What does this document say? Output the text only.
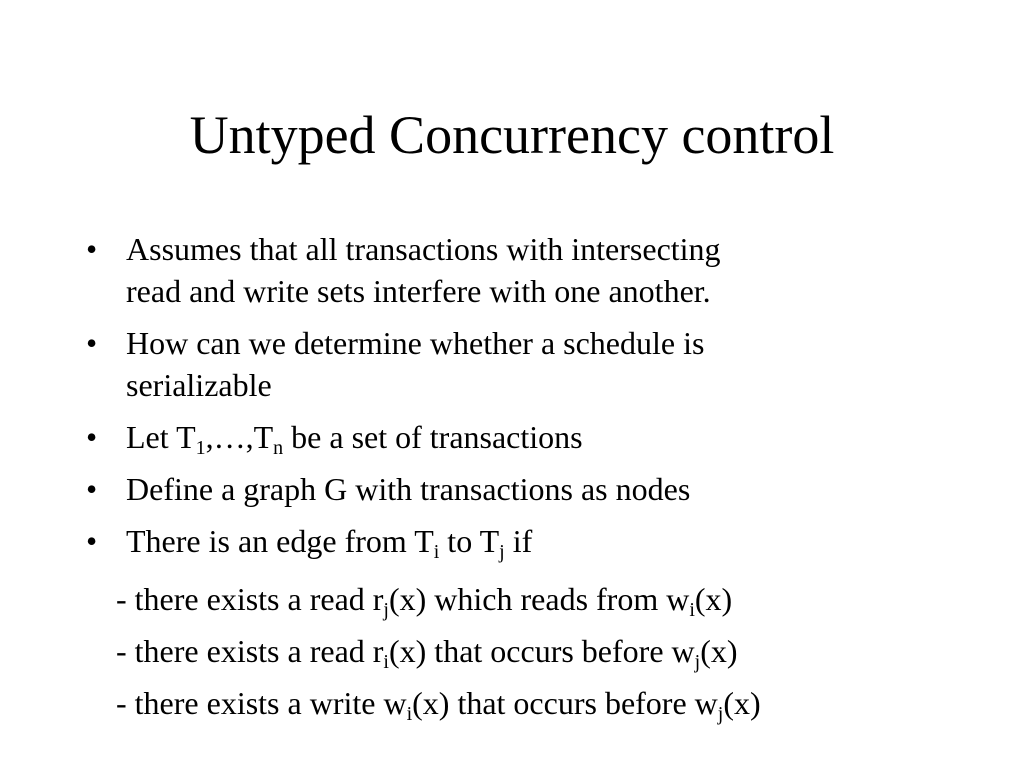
Untyped Concurrency control
• Assumes that all transactions with intersecting
read and write sets interfere with one another.
• How can we determine whether a schedule is
serializable
• Let $T_1,\dots,T_n$ be a set of transactions
• Define a graph G with transactions as nodes
• There is an edge from $T_i$ to $T_j$ if
- there exists a read $r_j(x)$ which reads from $w_i(x)$
- there exists a read $r_i(x)$ that occurs before $w_j(x)$
- there exists a write $w_i(x)$ that occurs before $w_j(x)$
